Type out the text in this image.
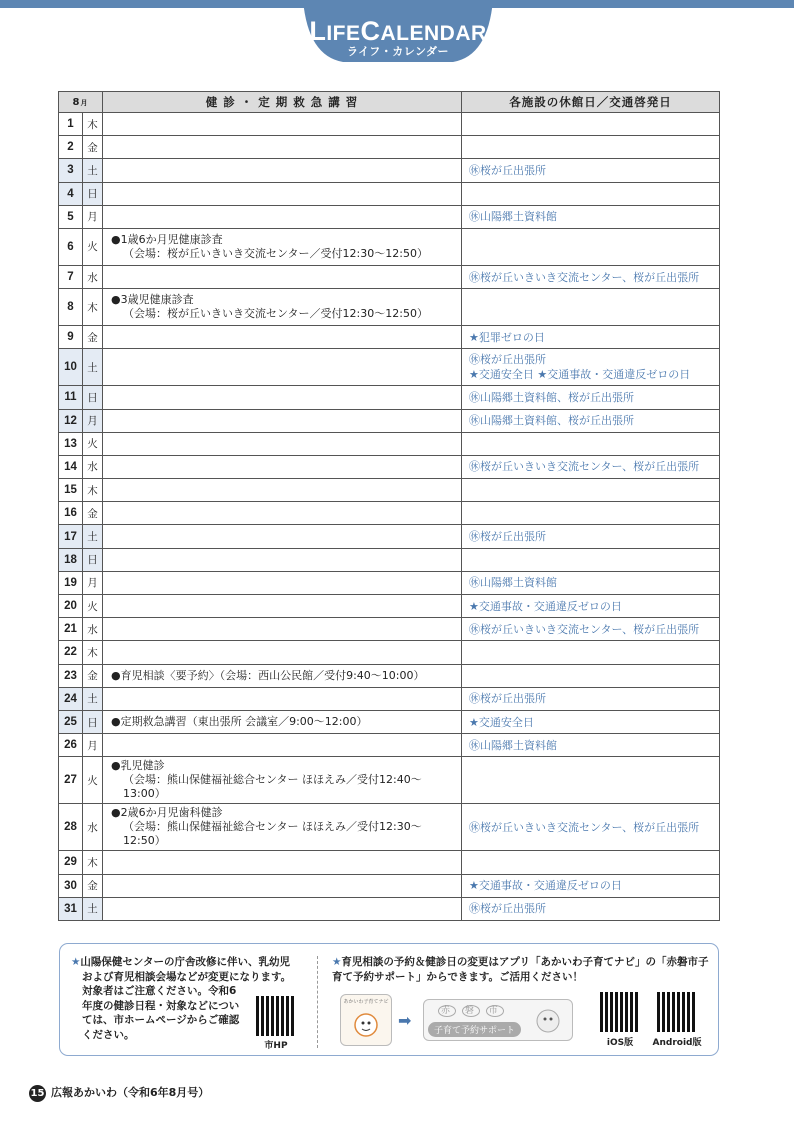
LIFECALENDAR
ライフ・カレンダー
8月		健 診 ・ 定 期 救 急 講 習	各施設の休館日／交通啓発日
1	木		
2	金		
3	土		㊡桜が丘出張所

4	日		
5	月		㊡山陽郷土資料館

6	火	●1歳6か月児健康診査
（会場：桜が丘いきいき交流センター／受付12:30～12:50）	

7	水		㊡桜が丘いきいき交流センター、桜が丘出張所

8	木	●3歳児健康診査
（会場：桜が丘いきいき交流センター／受付12:30～12:50）	

9	金		★犯罪ゼロの日

10	土		㊡桜が丘出張所
★交通安全日 ★交通事故・交通違反ゼロの日

11	日		㊡山陽郷土資料館、桜が丘出張所

12	月		㊡山陽郷土資料館、桜が丘出張所

13	火		
14	水		㊡桜が丘いきいき交流センター、桜が丘出張所

15	木		
16	金		
17	土		㊡桜が丘出張所

18	日		
19	月		㊡山陽郷土資料館

20	火		★交通事故・交通違反ゼロの日

21	水		㊡桜が丘いきいき交流センター、桜が丘出張所

22	木		
23	金	●育児相談〈要予約〉（会場：西山公民館／受付9:40～10:00）	

24	土		㊡桜が丘出張所

25	日	●定期救急講習（東出張所 会議室／9:00～12:00）	★交通安全日

26	月		㊡山陽郷土資料館

27	火	●乳児健診
（会場：熊山保健福祉総合センター ほほえみ／受付12:40～13:00）	

28	水	●2歳6か月児歯科健診
（会場：熊山保健福祉総合センター ほほえみ／受付12:30～12:50）	㊡桜が丘いきいき交流センター、桜が丘出張所

29	木		
30	金		★交通事故・交通違反ゼロの日

31	土		㊡桜が丘出張所
★山陽保健センターの庁舎改修に伴い、乳幼児
および育児相談会場などが変更になります。
対象者はご注意ください。令和6年度の健診日程・対象などについては、市ホームページからご確認ください。
市HP
★育児相談の予約＆健診日の変更はアプリ「あかいわ子育てナビ」の「赤磐市子育て予約サポート」からできます。ご活用ください！
あかいわ子育てナビ
➡	赤 磐 市
子育て予約サポート
iOS版	Android版
15 広報あかいわ（令和6年8月号）
